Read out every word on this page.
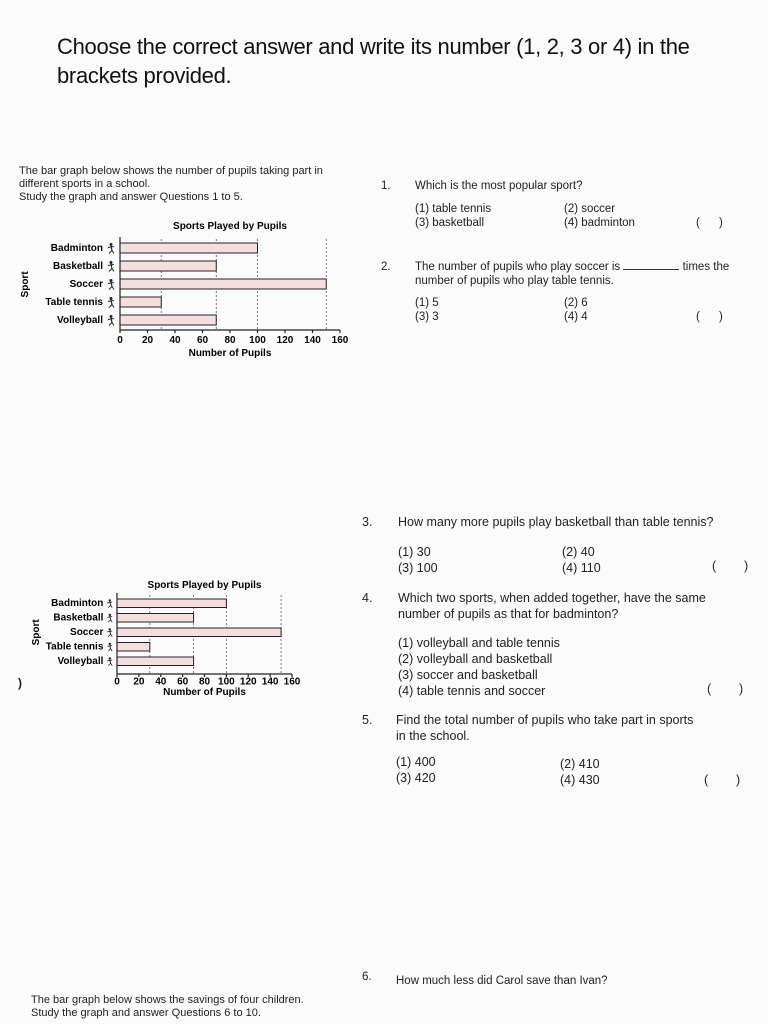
Choose the correct answer and write its number (1, 2, 3 or 4) in the brackets provided.
The bar graph below shows the number of pupils taking part in
different sports in a school.
Study the graph and answer Questions 1 to 5.
Sports Played by Pupils
Badminton
Basketball
Soccer
Table tennis
Volleyball
0 20 40 60 80 100 120 140 160
Number of Pupils
Sport
Sports Played by Pupils
Badminton
Basketball
Soccer
Table tennis
Volleyball
0 20 40 60 80 100 120 140 160
Number of Pupils
Sport
)
1. Which is the most popular sport?
(1) table tennis	(2) soccer
(3) basketball	(4) badminton	(      )
2. The number of pupils who play soccer is	times the
number of pupils who play table tennis.
(1) 5	(2) 6
(3) 3	(4) 4	(      )
3. How many more pupils play basketball than table tennis?
(1) 30	(2) 40
(3) 100	(4) 110	(        )
4. Which two sports, when added together, have the same
number of pupils as that for badminton?
(1) volleyball and table tennis
(2) volleyball and basketball
(3) soccer and basketball
(4) table tennis and soccer	(        )
5. Find the total number of pupils who take part in sports
in the school.
(1) 400	(2) 410
(3) 420	(4) 430	(        )
6. How much less did Carol save than Ivan?
The bar graph below shows the savings of four children.
Study the graph and answer Questions 6 to 10.
